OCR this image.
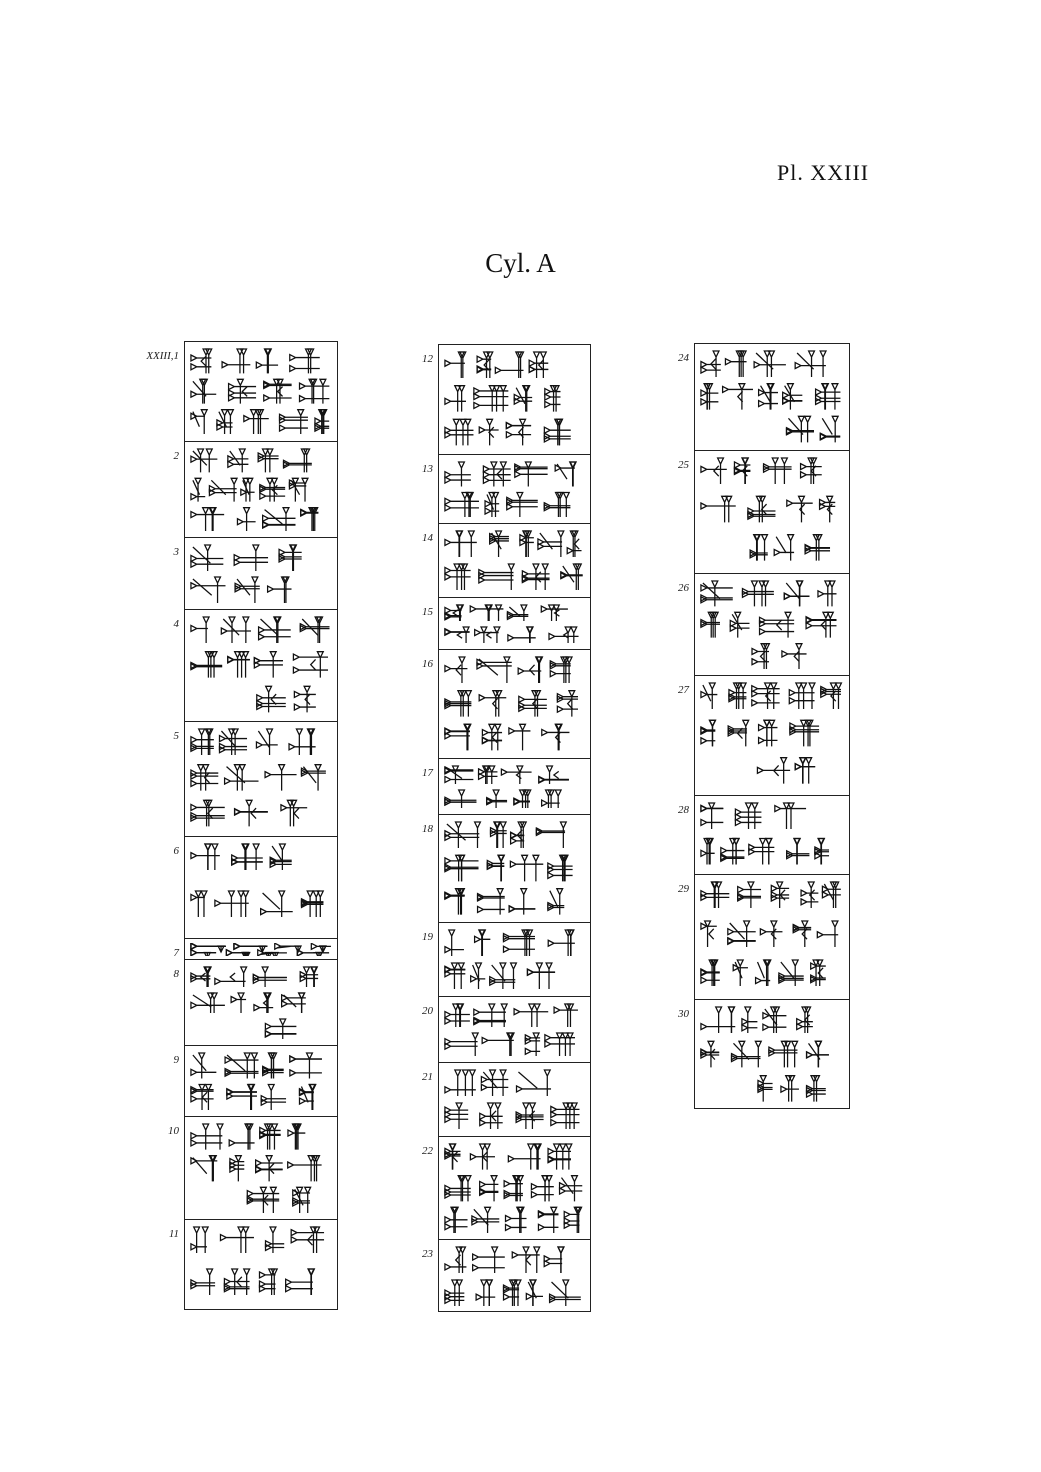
Pl. XXIII
Cyl. A
XXIII,1
2
3
4
5
6
7
8
9
10
11
12
13
14
15
16
17
18
19
20
21
22
23
24
25
26
27
28
29
30
